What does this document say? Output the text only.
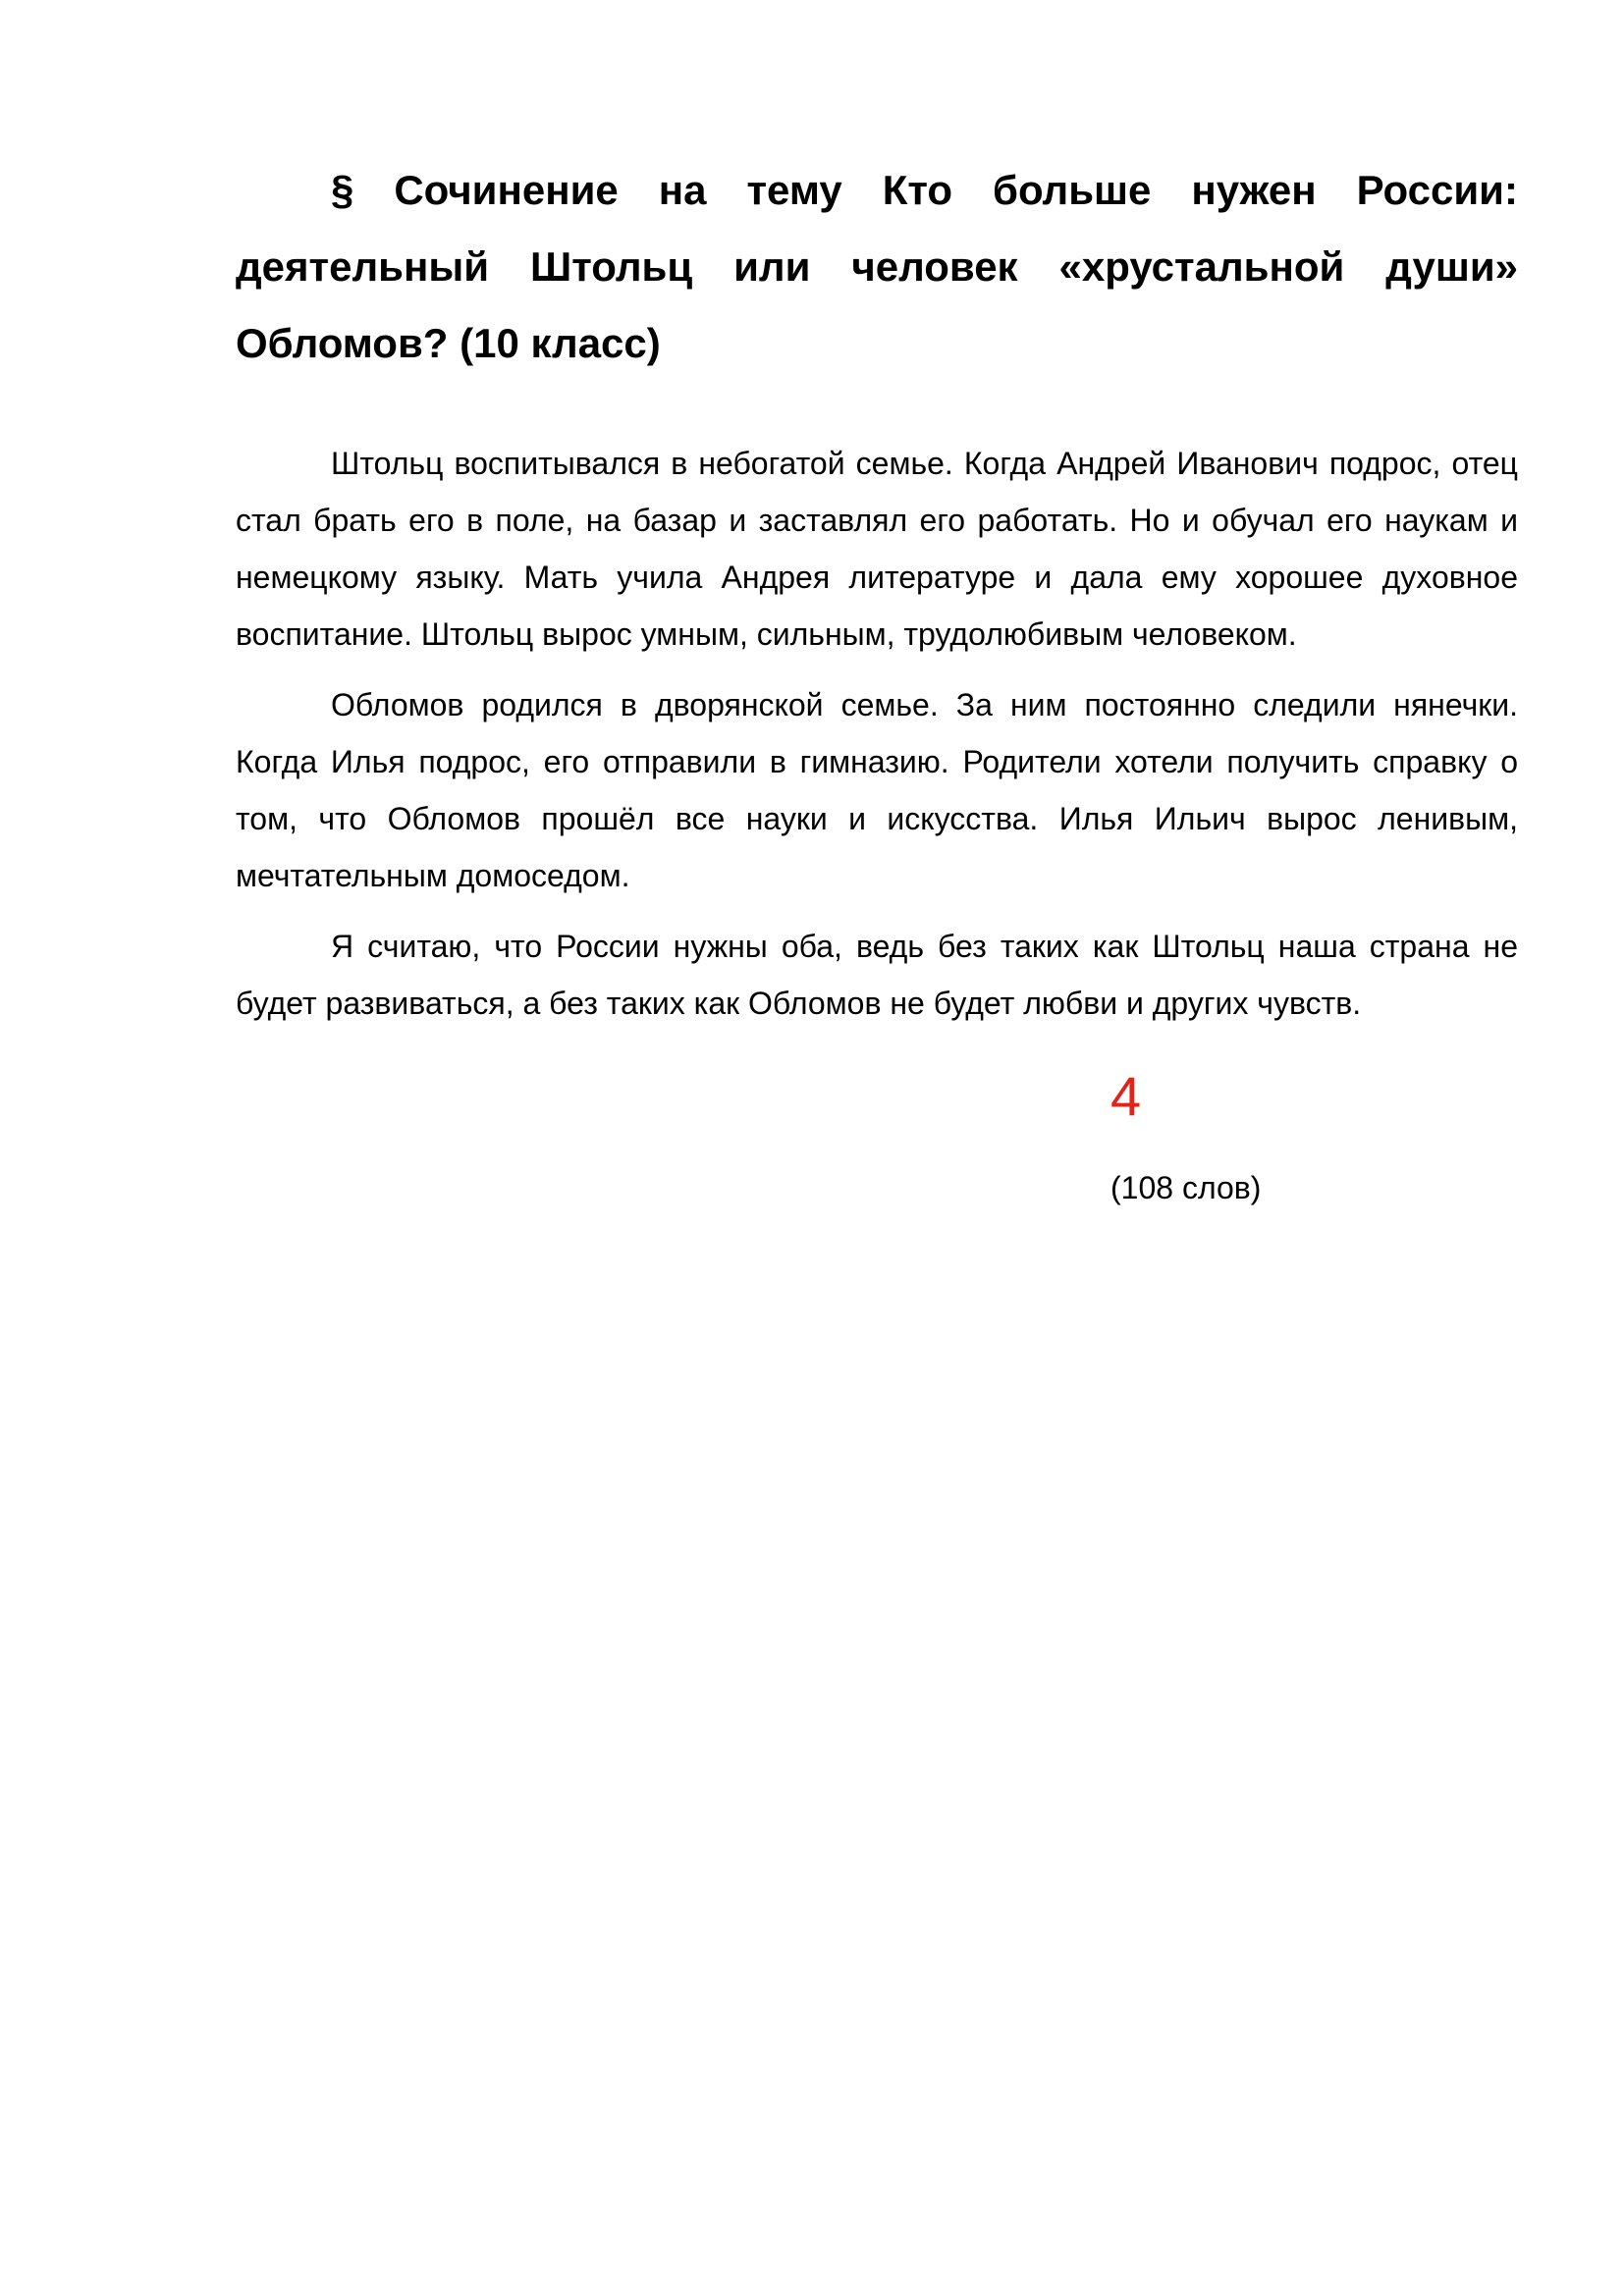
§ Сочинение на тему Кто больше нужен России: деятельный Штольц или человек «хрустальной души» Обломов? (10 класс)

Штольц воспитывался в небогатой семье. Когда Андрей Иванович подрос, отец стал брать его в поле, на базар и заставлял его работать. Но и обучал его наукам и немецкому языку. Мать учила Андрея литературе и дала ему хорошее духовное воспитание. Штольц вырос умным, сильным, трудолюбивым человеком.

Обломов родился в дворянской семье. За ним постоянно следили нянечки. Когда Илья подрос, его отправили в гимназию. Родители хотели получить справку о том, что Обломов прошёл все науки и искусства. Илья Ильич вырос ленивым, мечтательным домоседом.

Я считаю, что России нужны оба, ведь без таких как Штольц наша страна не будет развиваться, а без таких как Обломов не будет любви и других чувств.

4

(108 слов)
